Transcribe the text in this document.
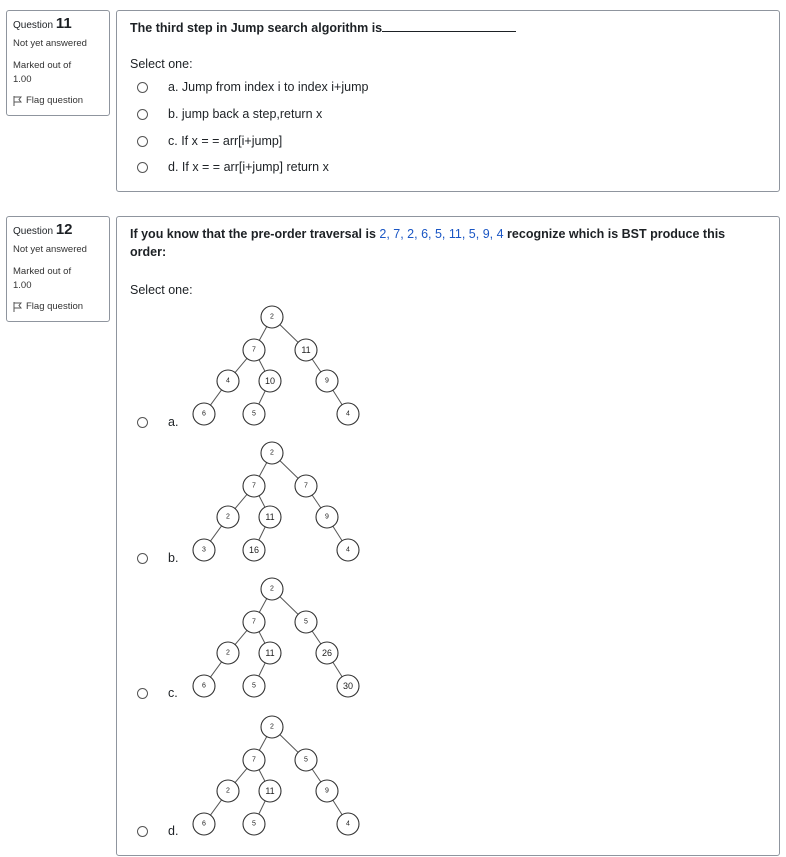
Question 11
Not yet answered
Marked out of
1.00
Flag question
The third step in Jump search algorithm is
Select one:
a. Jump from index i to index i+jump
b. jump back a step,return x
c. If x = = arr[i+jump]
d. If x = = arr[i+jump] return x
Question 12
Not yet answered
Marked out of
1.00
Flag question
If you know that the pre-order traversal is 2, 7, 2, 6, 5, 11, 5, 9, 4 recognize which is BST produce this
order:
Select one:
a.
b.
c.
d.
2
7	11
4	10	9
6	5	4
2
7	7
2	11	9
3	16	4
2
7	5
2	11	26
6	5	30
2
7	5
2	11	9
6	5	4
